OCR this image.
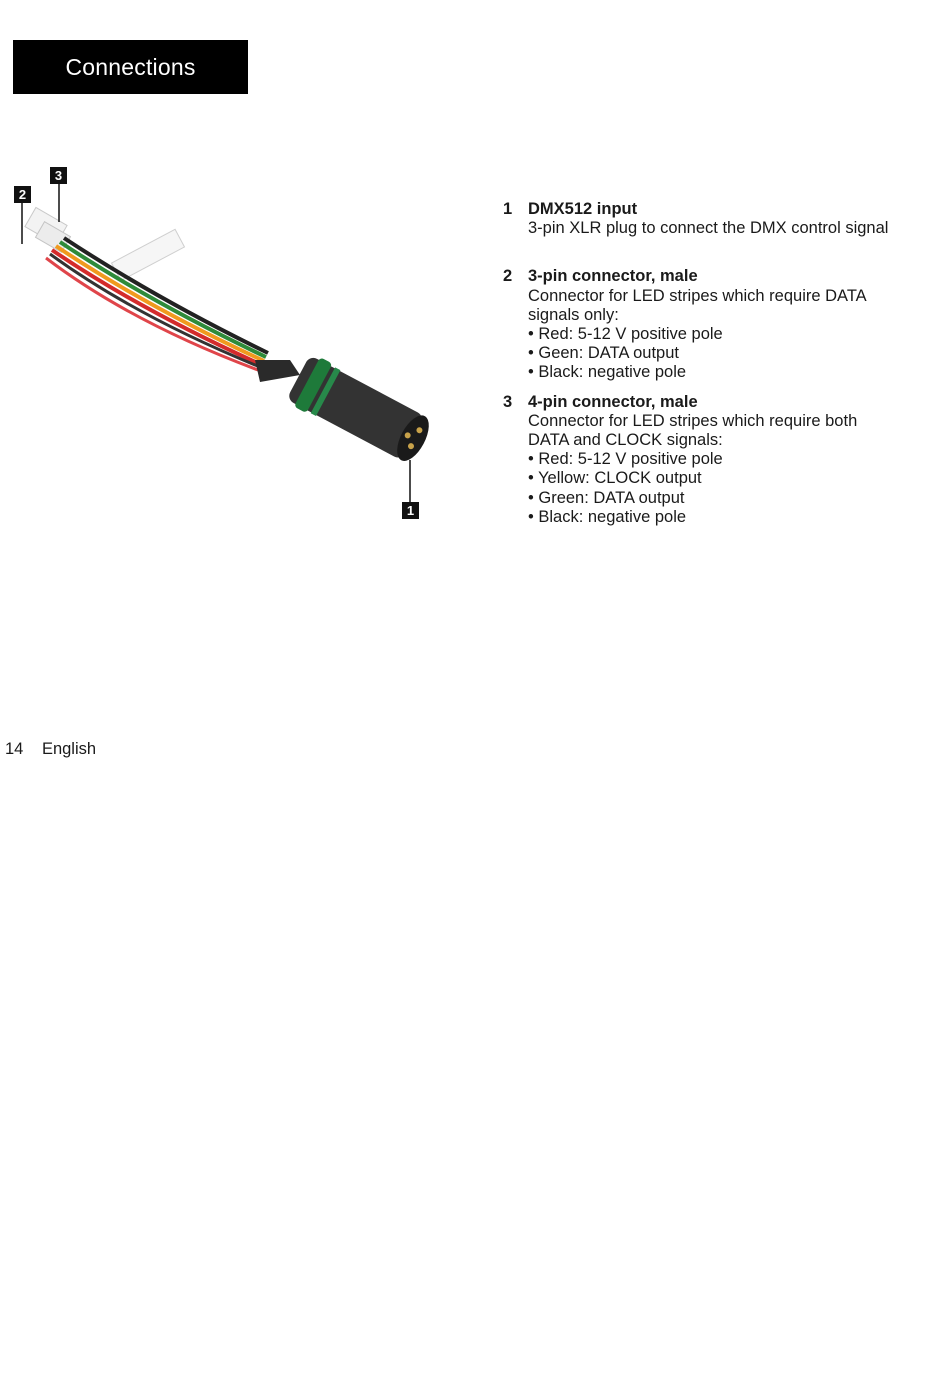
Connections
2
3
1
1 DMX512 input
3-pin XLR plug to connect the DMX control signal
2 3-pin connector, male
Connector for LED stripes which require DATA
signals only:
• Red: 5-12 V positive pole
• Geen: DATA output
• Black: negative pole
3 4-pin connector, male
Connector for LED stripes which require both
DATA and CLOCK signals:
• Red: 5-12 V positive pole
• Yellow: CLOCK output
• Green: DATA output
• Black: negative pole
14 English
